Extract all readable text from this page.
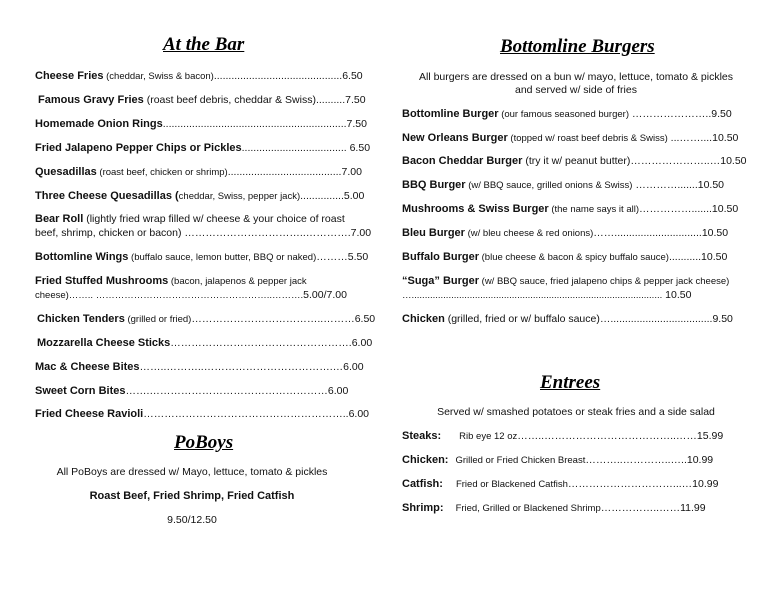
At the Bar
Cheese Fries (cheddar, Swiss & bacon)............................................6.50
Famous Gravy Fries (roast beef debris, cheddar & Swiss)..........7.50
Homemade Onion Rings...............................................................7.50
Fried Jalapeno Pepper Chips or Pickles.................................... 6.50
Quesadillas (roast beef, chicken or shrimp).......................................7.00
Three Cheese Quesadillas (cheddar, Swiss, pepper jack)...............5.00
Bear Roll (lightly fried wrap filled w/ cheese & your choice of roast
beef, shrimp, chicken or bacon) ……………………………..………….7.00
Bottomline Wings (buffalo sauce, lemon butter, BBQ or naked)………5.50
Fried Stuffed Mushrooms (bacon, jalapenos & pepper jack
cheese)…….. ………………………………………………..……….5.00/7.00
Chicken Tenders (grilled or fried)………………………………..………6.50
Mozzarella Cheese Sticks…………………………………………….6.00
Mac & Cheese Bites……..………..……………………………….…6.00
Sweet Corn Bites…….……………………………………………6.00
Fried Cheese Ravioli…………………………………………………..6.00
PoBoys
All PoBoys are dressed w/ Mayo, lettuce, tomato & pickles
Roast Beef, Fried Shrimp, Fried Catfish
9.50/12.50
Bottomline Burgers
All burgers are dressed on a bun w/ mayo, lettuce, tomato & pickles
and served w/ side of fries
Bottomline Burger (our famous seasoned burger) …………………..9.50
New Orleans Burger (topped w/ roast beef debris & Swiss) ...……....10.50
Bacon Cheddar Burger (try it w/ peanut butter)…………………..…10.50
BBQ Burger (w/ BBQ sauce, grilled onions & Swiss) ………….......10.50
Mushrooms & Swiss Burger (the name says it all)…………….......10.50
Bleu Burger (w/ bleu cheese & red onions)……..............................10.50
Buffalo Burger (blue cheese & bacon & spicy buffalo sauce)...........10.50
“Suga” Burger (w/ BBQ sauce, fried jalapeno chips & pepper jack cheese)
…............................................................................................... 10.50
Chicken (grilled, fried or w/ buffalo sauce)…...................................9.50
Entrees
Served w/ smashed potatoes or steak fries and a side salad
Steaks: Rib eye 12 oz……..………………………………..……15.99
Chicken: Grilled or Fried Chicken Breast………..…………..…..10.99
Catfish: Fried or Blackened Catfish…………………………...…10.99
Shrimp: Fried, Grilled or Blackened Shrimp……………..……11.99
